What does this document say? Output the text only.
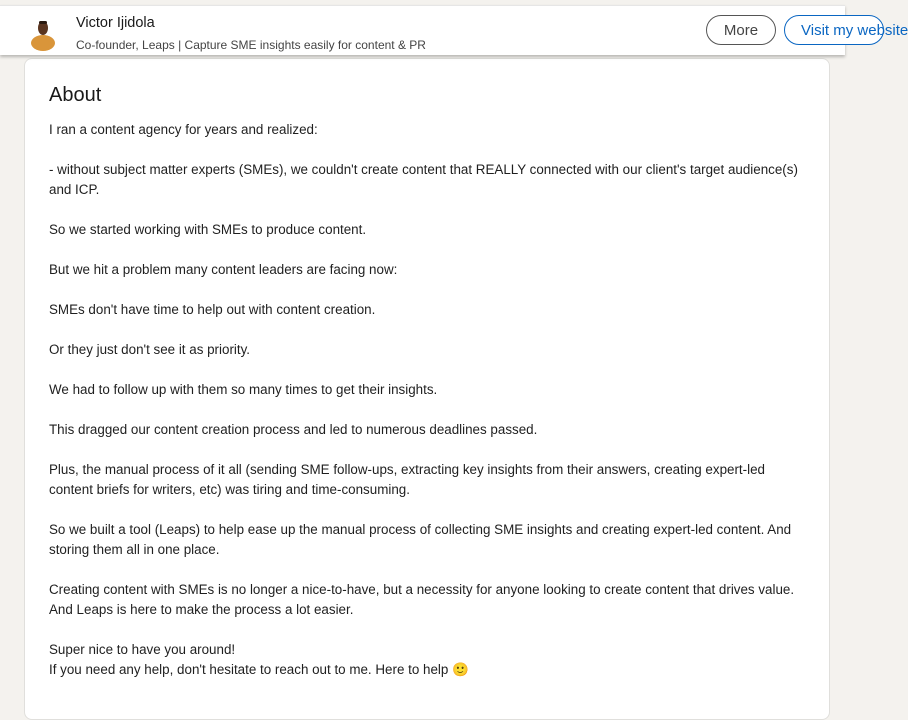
Victor Ijidola
Co-founder, Leaps | Capture SME insights easily for content & PR
More	Visit my website
About

I ran a content agency for years and realized:

- without subject matter experts (SMEs), we couldn't create content that REALLY connected with our client's target audience(s) and ICP.

So we started working with SMEs to produce content.

But we hit a problem many content leaders are facing now:

SMEs don't have time to help out with content creation.

Or they just don't see it as priority.

We had to follow up with them so many times to get their insights.

This dragged our content creation process and led to numerous deadlines passed.

Plus, the manual process of it all (sending SME follow-ups, extracting key insights from their answers, creating expert-led content briefs for writers, etc) was tiring and time-consuming.

So we built a tool (Leaps) to help ease up the manual process of collecting SME insights and creating expert-led content. And storing them all in one place.

Creating content with SMEs is no longer a nice-to-have, but a necessity for anyone looking to create content that drives value. And Leaps is here to make the process a lot easier.

Super nice to have you around!

If you need any help, don't hesitate to reach out to me. Here to help 🙂
